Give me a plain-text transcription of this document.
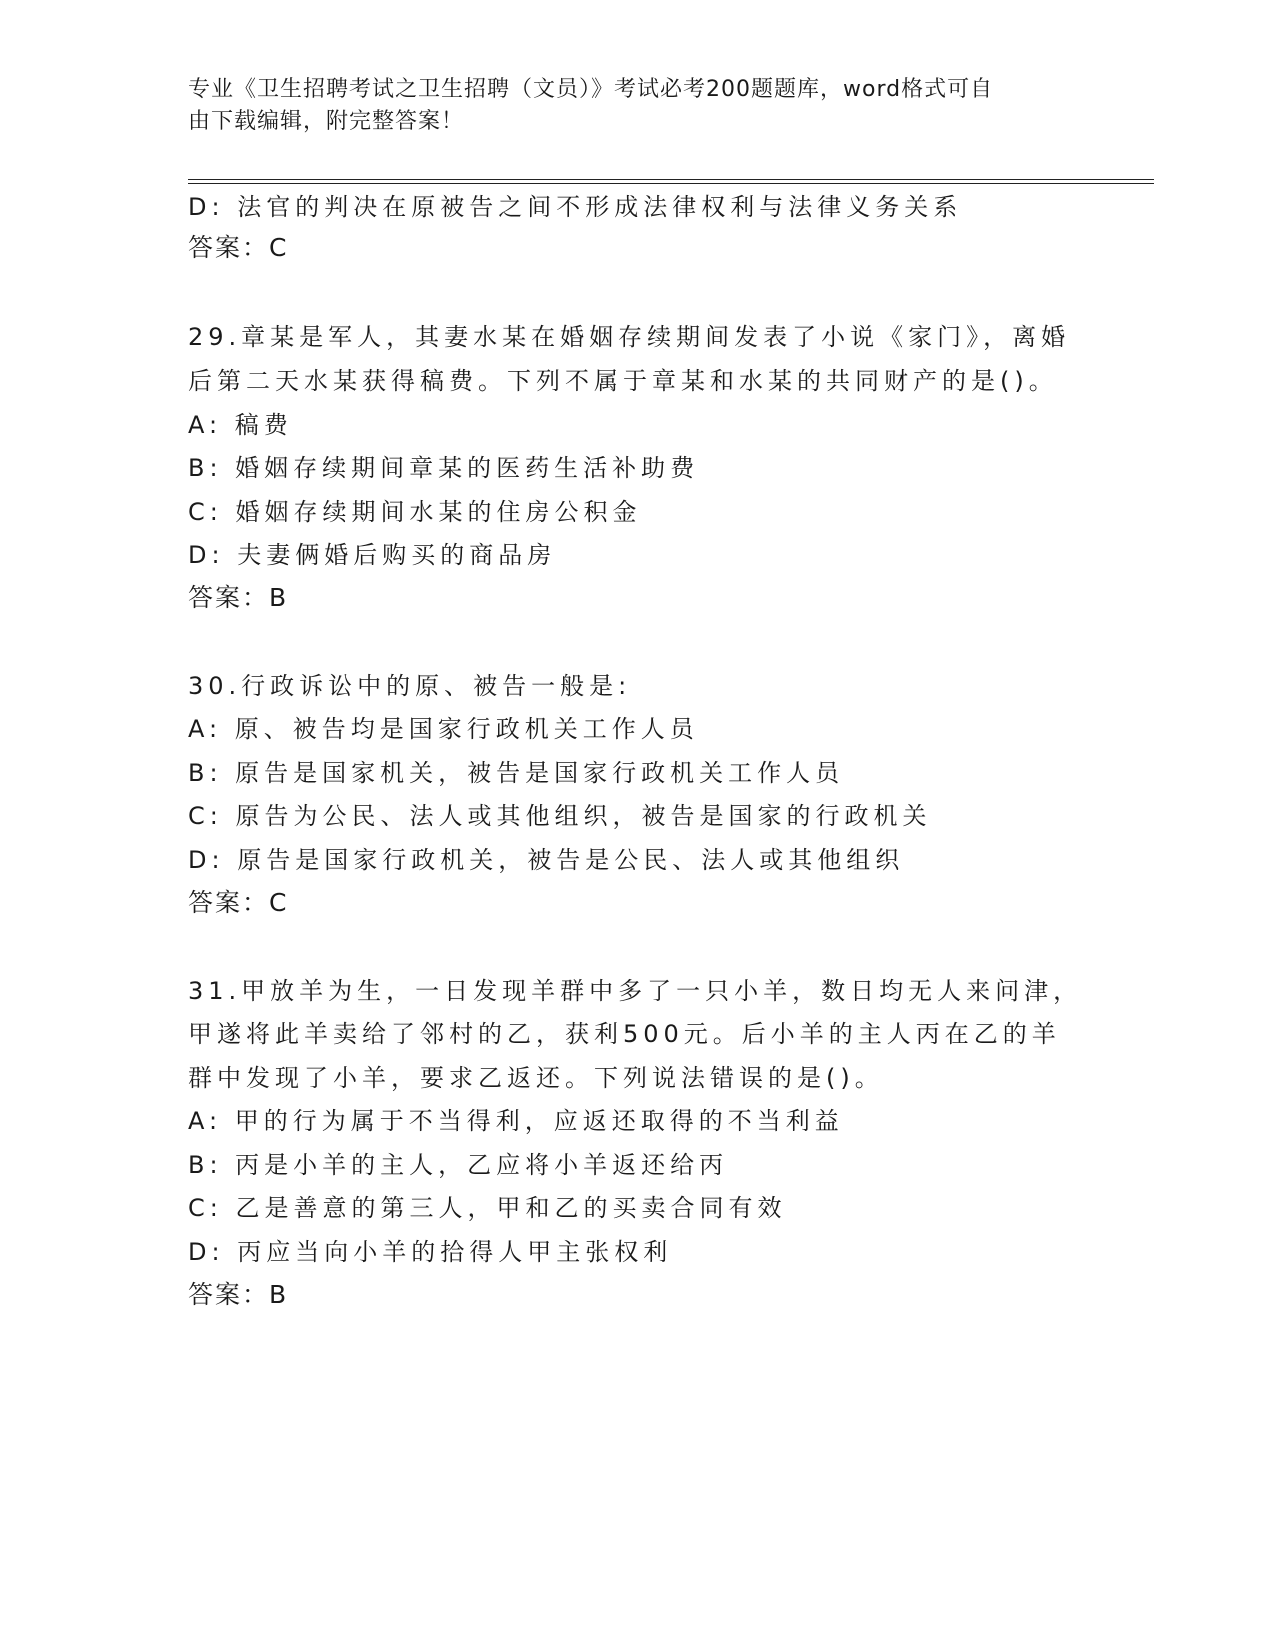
专业《卫生招聘考试之卫生招聘（文员）》考试必考200题题库，word格式可自
由下载编辑，附完整答案！
D: 法官的判决在原被告之间不形成法律权利与法律义务关系
答案：C
29.章某是军人，其妻水某在婚姻存续期间发表了小说《家门》，离婚
后第二天水某获得稿费。下列不属于章某和水某的共同财产的是()。
A: 稿费
B: 婚姻存续期间章某的医药生活补助费
C: 婚姻存续期间水某的住房公积金
D: 夫妻俩婚后购买的商品房
答案：B
30.行政诉讼中的原、被告一般是:
A: 原、被告均是国家行政机关工作人员
B: 原告是国家机关，被告是国家行政机关工作人员
C: 原告为公民、法人或其他组织，被告是国家的行政机关
D: 原告是国家行政机关，被告是公民、法人或其他组织
答案：C
31.甲放羊为生，一日发现羊群中多了一只小羊，数日均无人来问津，
甲遂将此羊卖给了邻村的乙，获利500元。后小羊的主人丙在乙的羊
群中发现了小羊，要求乙返还。下列说法错误的是()。
A: 甲的行为属于不当得利，应返还取得的不当利益
B: 丙是小羊的主人，乙应将小羊返还给丙
C: 乙是善意的第三人，甲和乙的买卖合同有效
D: 丙应当向小羊的拾得人甲主张权利
答案：B
